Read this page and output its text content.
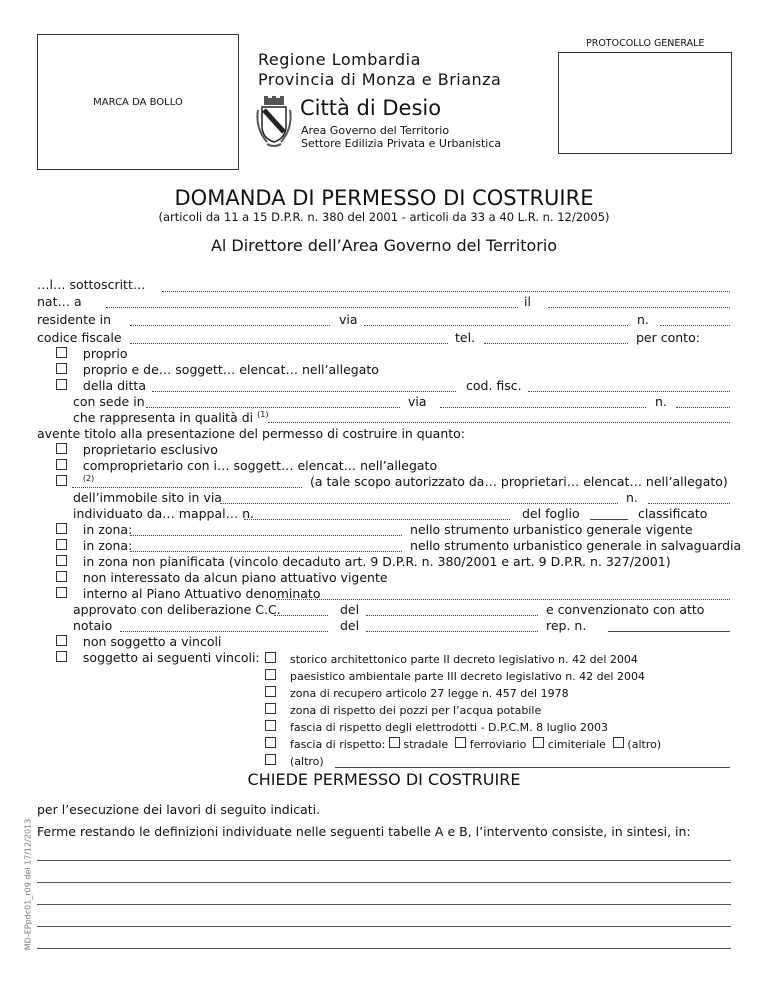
MARCA DA BOLLO
PROTOCOLLO GENERALE
Regione Lombardia
Provincia di Monza e Brianza
Città di Desio
Area Governo del Territorio
Settore Edilizia Privata e Urbanistica
DOMANDA DI PERMESSO DI COSTRUIRE
(articoli da 11 a 15 D.P.R. n. 380 del 2001 - articoli da 33 a 40 L.R. n. 12/2005)
Al Direttore dell’Area Governo del Territorio
…l… sottoscritt…
nat… a	il
residente in	via	n.
codice fiscale	tel.	per conto:
proprio
proprio e de… soggett… elencat… nell’allegato
della ditta	cod. fisc.
con sede in	via	n.
che rappresenta in qualità di $^{(1)}$
avente titolo alla presentazione del permesso di costruire in quanto:
proprietario esclusivo
comproprietario con i… soggett… elencat… nell’allegato
$^{(2)}$	(a tale scopo autorizzato da… proprietari… elencat… nell’allegato)
dell’immobile sito in via	n.
individuato da… mappal… n.	del foglio	classificato
in zona:	nello strumento urbanistico generale vigente
in zona:	nello strumento urbanistico generale in salvaguardia
in zona non pianificata (vincolo decaduto art. 9 D.P.R. n. 380/2001 e art. 9 D.P.R. n. 327/2001)
non interessato da alcun piano attuativo vigente
interno al Piano Attuativo denominato
approvato con deliberazione C.C.	del	e convenzionato con atto
notaio	del	rep. n.
non soggetto a vincoli
soggetto ai seguenti vincoli:	storico architettonico parte II decreto legislativo n. 42 del 2004
paesistico ambientale parte III decreto legislativo n. 42 del 2004
zona di recupero articolo 27 legge n. 457 del 1978
zona di rispetto dei pozzi per l’acqua potabile
fascia di rispetto degli elettrodotti - D.P.C.M. 8 luglio 2003
fascia di rispetto: stradale ferroviario cimiteriale (altro)
(altro)
CHIEDE PERMESSO DI COSTRUIRE
per l’esecuzione dei lavori di seguito indicati.
Ferme restando le definizioni individuate nelle seguenti tabelle A e B, l’intervento consiste, in sintesi, in:
MD-EPpdc01_r09 del 17/12/2013
